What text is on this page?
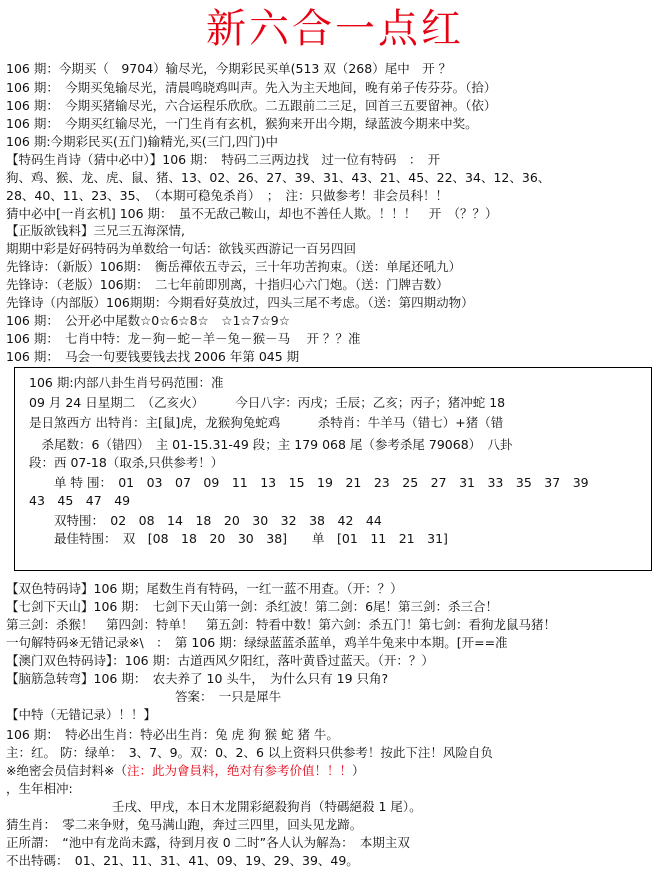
新六合一点红
106 期：今期买（　9704）输尽光，今期彩民买单(513 双（268）尾中　开 ？
106 期：　今期买兔输尽光，清晨鸣晓鸡叫声。先入为主天地间，晚有弟子传芬芬。（拾）
106 期：　今期买猪输尽光，六合运程乐欣欣。二五跟前二三足，回首三五要留神。（依）
106 期：　今期买红输尽光，一门生肖有玄机，猴狗来开出今期，绿蓝波今期来中奖。
106 期:今期彩民买(五门)输精光,买(三门,四门)中
【特码生肖诗（猜中必中）】106 期：　特码二三两边找　过一位有特码　：　开
狗、鸡、猴、龙、虎、鼠、猪、13、02、26、27、39、31、43、21、45、22、34、12、36、
28、40、11、23、35、　（本期可稳兔杀肖）　；　注：只做参考！非会员科！！
猜中必中[一肖玄机] 106 期：　虽不无敌己鞍山，却也不善任人欺。！！！　开　（？？）
【正版欲钱料】三兄三五海深情,
期期中彩是好码特码为单数给一句话：欲钱买西游记一百另四回
先锋诗：（新版）106期：　衡岳禪依五寺云，三十年功苦拘束。（送：单尾还吼九）
先锋诗：（老版）106期：　二七年前即別离，十指归心六门炮。（送：门牌吉数）
先锋诗（内部版）106期期：今期看好莫放过，四头三尾不考虑。（送：第四期动物）
106 期：　公开必中尾数☆0☆6☆8☆　☆1☆7☆9☆
106 期：　七肖中特：龙－狗－蛇－羊－兔－猴－马　 开 ？？准
106 期：　马会一句要钱要钱去找 2006 年第 045 期
106 期:内部八卦生肖号码范围：准
09 月 24 日星期二　（乙亥火）　　　今日八字：丙戌；壬辰；乙亥；丙子；猪冲蛇 18
是日煞西方 出特肖：主[鼠]虎，龙猴狗兔蛇鸡　　　杀特肖：牛羊马（错七）+猪（错
　杀尾数：6（错四）　主 01-15.31-49 段；主 179 068 尾（参考杀尾 79068）　八卦
段：西 07-18（取杀,只供参考！）
　　单 特 围：　01　03　07　09　11　13　15　19　21　23　25　27　31　33　35　37　39
43　45　47　49
　　双特围：　02　08　14　18　20　30　32　38　42　44
　　最佳特围：　双　[08　18　20　30　38]　　单　[01　11　21　31]
【双色特码诗】106 期；尾数生肖有特码，一红一蓝不用查。（开：？）
【七剑下天山】106 期：　七剑下天山第一剑：杀红波！第二剑：6尾！第三剑：杀三合！
第三剑：杀猴！　第四剑：特单！　第五剑：特看中数！第六剑：杀五门！第七剑：看狗龙鼠马猪！
一句解特码※无错记录※\　：　第 106 期：绿绿蓝蓝杀蓝单，鸡羊牛兔来中本期。[开==准
【澳门双色特码诗】：106 期：古道西风夕阳红，落叶黄昏过蓝天。（开：？）
【脑筋急转弯】106 期：　农夫养了 10 头牛，　为什么只有 19 只角?
答案：　一只是犀牛
【中特（无错记录）！！】
106 期：　特必出生肖：特必出生肖：兔 虎 狗 猴 蛇 猪 牛。
主：红。 防：绿单：　3、7、9。双：0、2、6 以上资料只供参考！按此下注！风险自负
※绝密会员信封料※（注：此为會員料，绝对有参考价值！！！）
，生年相冲:
壬戌、甲戌，本日木龙開彩絕殺狗肖（特碼絕殺 1 尾）。
猜生肖：　零二来争财，兔马满山跑，奔过三四里，回头见龙蹄。
正所謂：　“池中有龙尚未露，待到月夜 0 二时”各人认为解為：　本期主双
不出特碼：　01、21、11、31、41、09、19、29、39、49。
